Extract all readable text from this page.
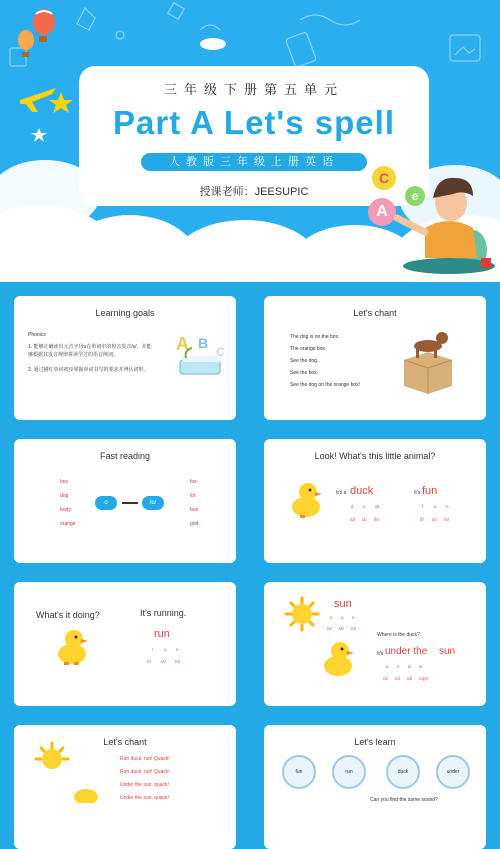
三年级下册第五单元
Part A Let's spell
人教版三年级上册英语
授课老师：JEESUPIC
C
e
A
Learning goals
Phonics
1. 能够正确读出元音字母u在单词中的短音发音/ʌ/。并能够根据其发音规律拼读学过的语音例词。
2. 通过描红单词初步掌握单词书写的要求并辨认词形。
A B
C
Let's chant
The dog is on the box.
The orange box.
See the dog.
See the box.
See the dog on the orange box!
Fast reading
box
dog
body
orange
o	/ɒ/
fox
lot
box
god
Look! What's this little animal?
It's a duck
d u ck
/d/ /ʌ/ /k/
It's fun
f u n
/f/ /ʌ/ /n/
What's it doing?	It's running.
run
r u n
/r/ /ʌ/ /n/
sun
s u n
/s/ /ʌ/ /n/
Where is the duck?
It's under the sun
u n d er
/ʌ/ /n/ /d/ /ə(r)/
Let's chant
Run duck, run! Quack!
Run duck, run! Quack!
Under the sun, quack!
Under the sun, quack!
Let's learn
fun	run	duck	under
Can you find the same sound?
